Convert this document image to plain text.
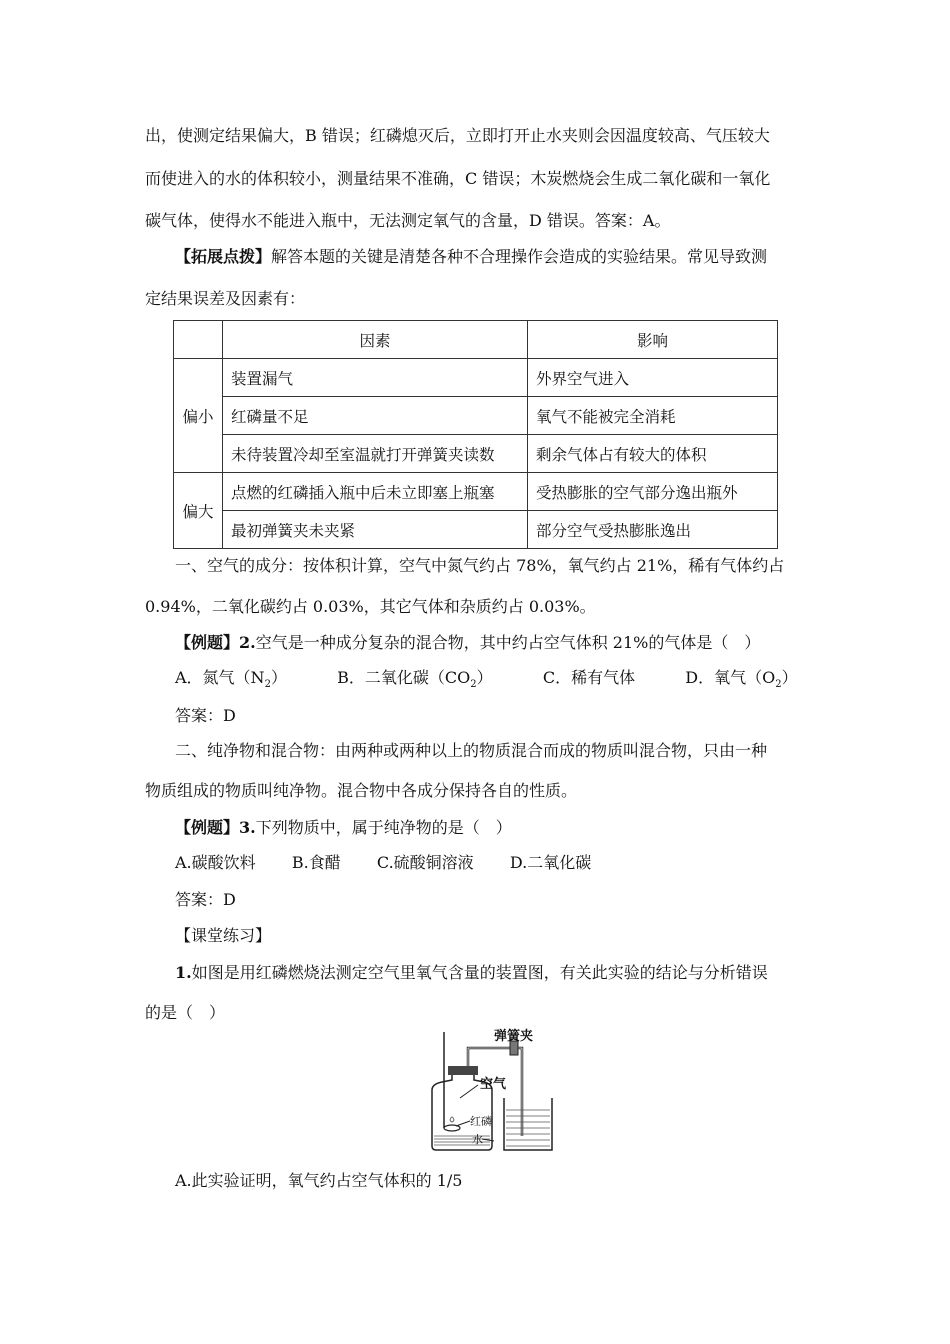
出，使测定结果偏大，B 错误；红磷熄灭后，立即打开止水夹则会因温度较高、气压较大
而使进入的水的体积较小，测量结果不准确，C 错误；木炭燃烧会生成二氧化碳和一氧化
碳气体，使得水不能进入瓶中，无法测定氧气的含量，D 错误。答案：A。
【拓展点拨】解答本题的关键是清楚各种不合理操作会造成的实验结果。常见导致测
定结果误差及因素有：
	因素	影响
偏小	装置漏气	外界空气进入
	红磷量不足	氧气不能被完全消耗
	未待装置冷却至室温就打开弹簧夹读数	剩余气体占有较大的体积
偏大	点燃的红磷插入瓶中后未立即塞上瓶塞	受热膨胀的空气部分逸出瓶外
	最初弹簧夹未夹紧	部分空气受热膨胀逸出
一、空气的成分：按体积计算，空气中氮气约占 78%，氧气约占 21%，稀有气体约占
0.94%，二氧化碳约占 0.03%，其它气体和杂质约占 0.03%。
【例题】2.空气是一种成分复杂的混合物，其中约占空气体积 21%的气体是（　）
A．氮气$(N_2)$	B．二氧化碳$(CO_2)$	C．稀有气体	D．氧气$(O_2)$
答案：D
二、纯净物和混合物：由两种或两种以上的物质混合而成的物质叫混合物，只由一种
物质组成的物质叫纯净物。混合物中各成分保持各自的性质。
【例题】3.下列物质中，属于纯净物的是（　）
A.碳酸饮料 B.食醋 C.硫酸铜溶液 D.二氧化碳
答案：D
【课堂练习】
1.如图是用红磷燃烧法测定空气里氧气含量的装置图，有关此实验的结论与分析错误
的是（　）
弹簧夹
空气
红磷
水
A.此实验证明，氧气约占空气体积的 1/5
